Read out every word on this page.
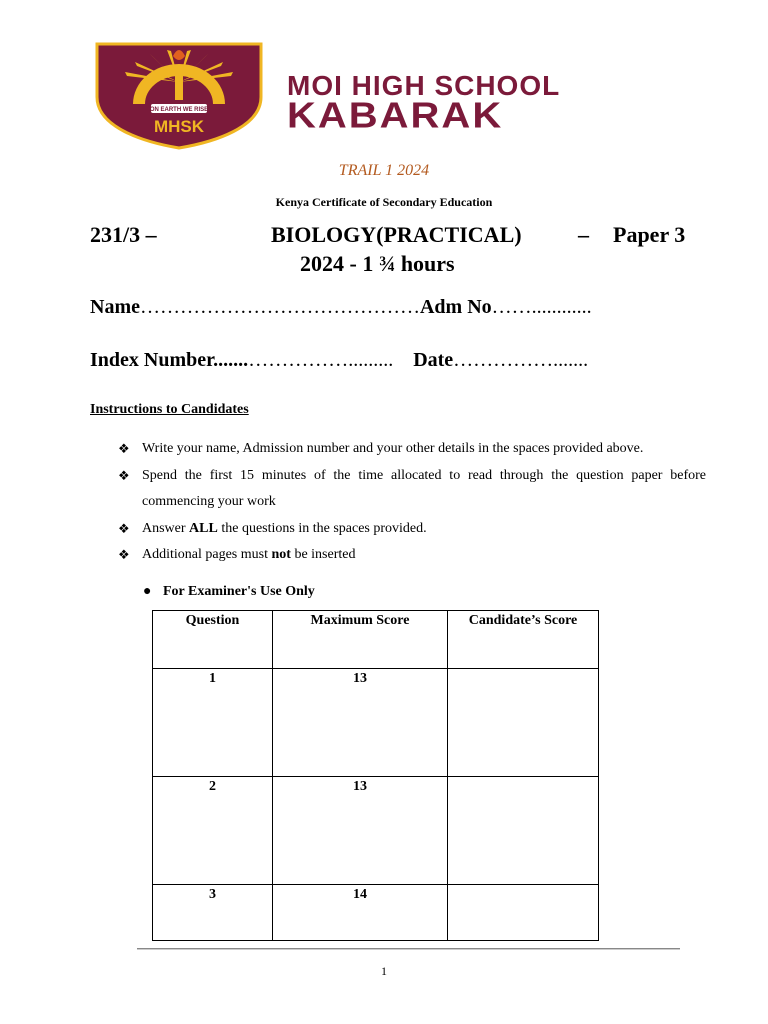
ON EARTH WE RISE
MHSK
MOI HIGH SCHOOL
KABARAK
TRAIL 1 2024
Kenya Certificate of Secondary Education
231/3 –	BIOLOGY(PRACTICAL)	– Paper 3
2024 - 1 ¾ hours
Name……………………………………Adm No……............
Index Number.......……………......... Date…………….......
Instructions to Candidates
❖ Write your name, Admission number and your other details in the spaces provided above.
❖ Spend the first 15 minutes of the time allocated to read through the question paper before commencing your work
❖ Answer ALL the questions in the spaces provided.
❖ Additional pages must not be inserted
● For Examiner's Use Only
Question	Maximum Score	Candidate’s Score
1	13	
2	13	
3	14	
1
